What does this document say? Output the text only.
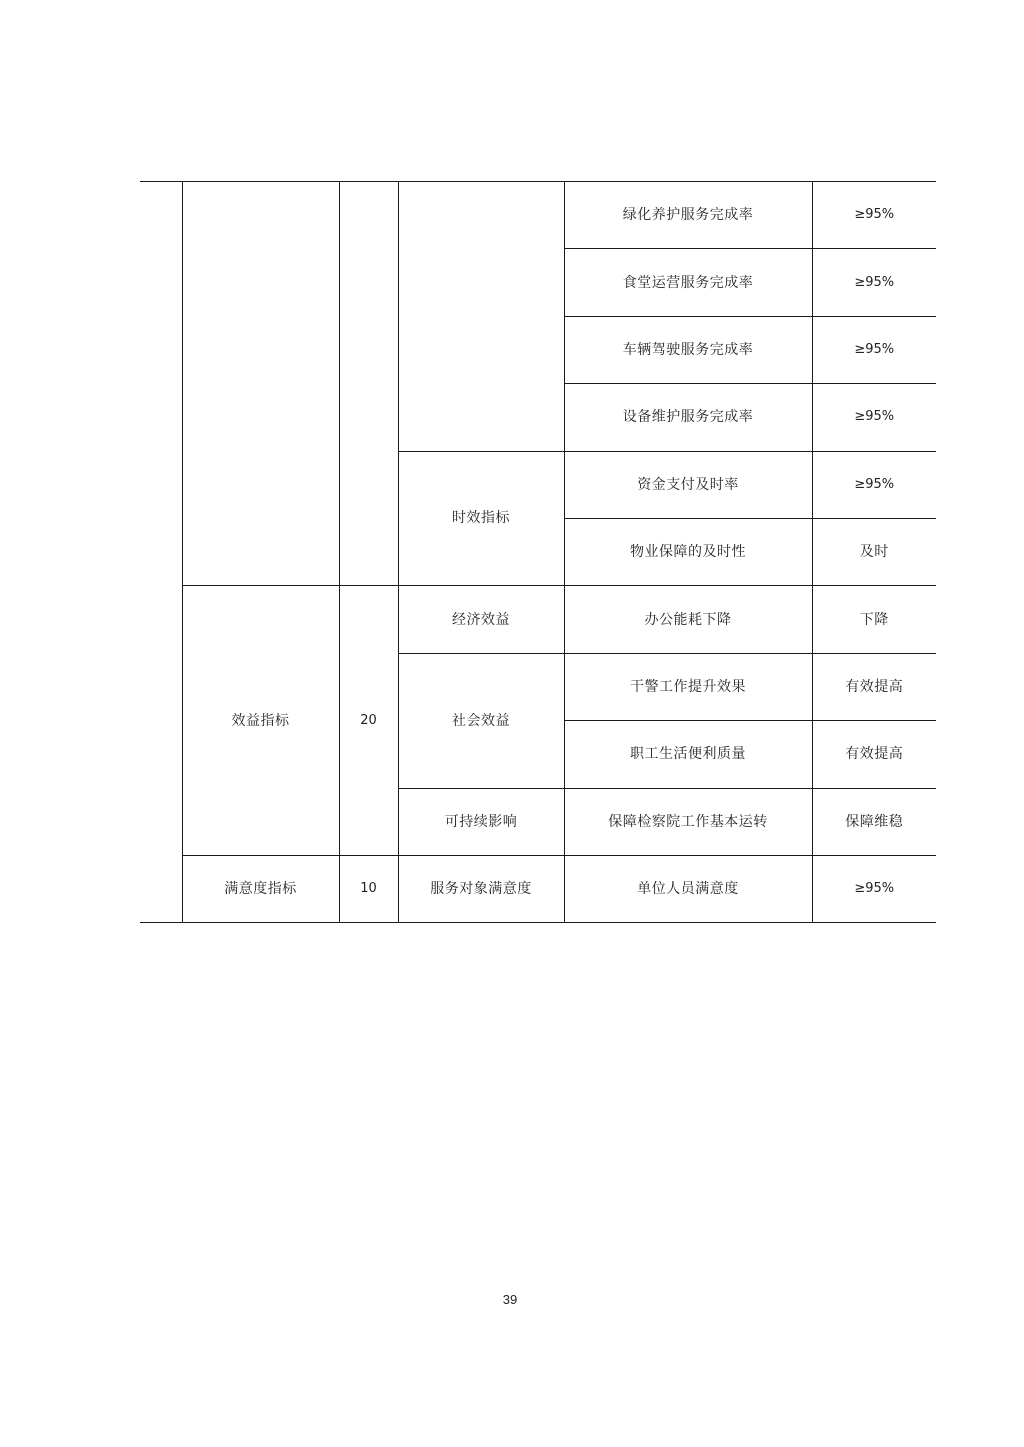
				绿化养护服务完成率	≥95%
				食堂运营服务完成率	≥95%
				车辆驾驶服务完成率	≥95%
				设备维护服务完成率	≥95%
			时效指标	资金支付及时率	≥95%
				物业保障的及时性	及时
	效益指标	20	经济效益	办公能耗下降	下降
			社会效益	干警工作提升效果	有效提高
				职工生活便利质量	有效提高
			可持续影响	保障检察院工作基本运转	保障维稳
	满意度指标	10	服务对象满意度	单位人员满意度	≥95%
39
